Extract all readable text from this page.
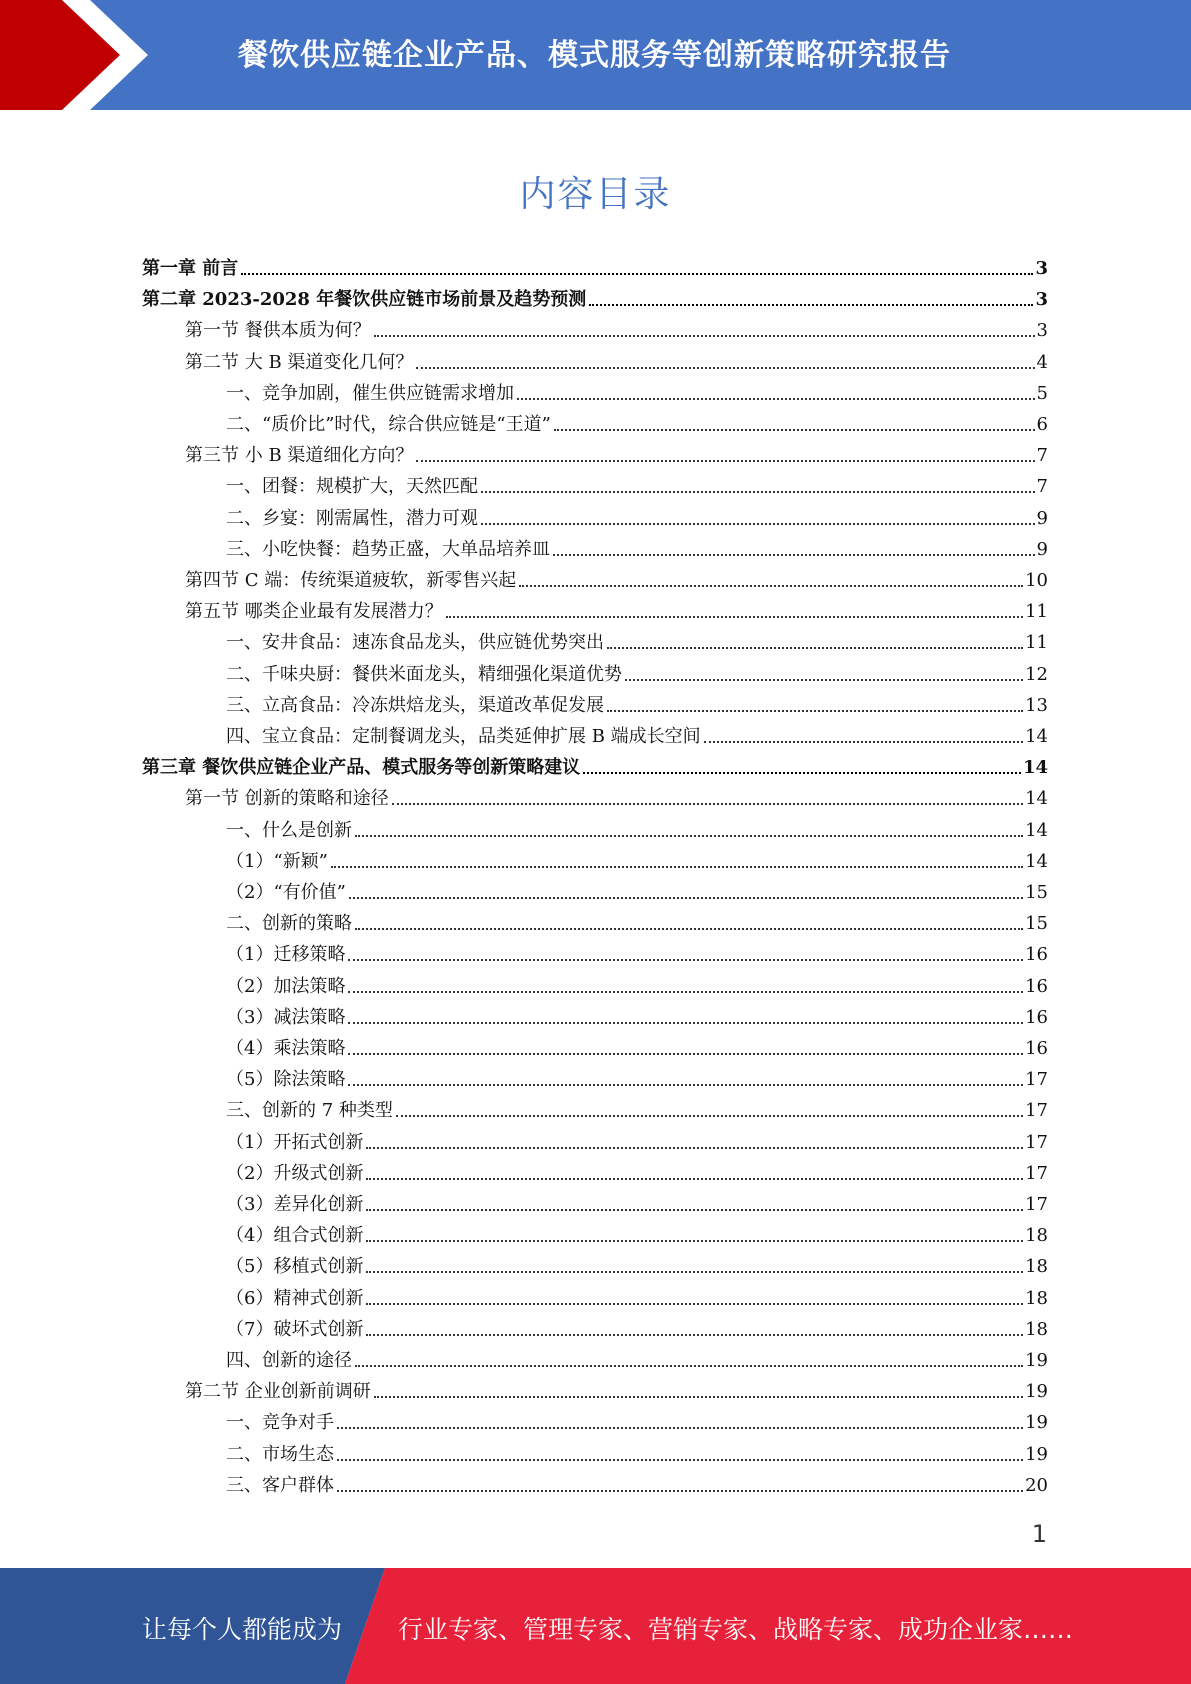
餐饮供应链企业产品、模式服务等创新策略研究报告
内容目录
第一章 前言	3
第二章 2023-2028 年餐饮供应链市场前景及趋势预测	3
第一节 餐供本质为何？	3
第二节 大 B 渠道变化几何？	4
一、竞争加剧，催生供应链需求增加	5
二、“质价比”时代，综合供应链是“王道”	6
第三节 小 B 渠道细化方向？	7
一、团餐：规模扩大，天然匹配	7
二、乡宴：刚需属性，潜力可观	9
三、小吃快餐：趋势正盛，大单品培养皿	9
第四节 C 端：传统渠道疲软，新零售兴起	10
第五节 哪类企业最有发展潜力？	11
一、安井食品：速冻食品龙头，供应链优势突出	11
二、千味央厨：餐供米面龙头，精细强化渠道优势	12
三、立高食品：冷冻烘焙龙头，渠道改革促发展	13
四、宝立食品：定制餐调龙头，品类延伸扩展 B 端成长空间	14
第三章 餐饮供应链企业产品、模式服务等创新策略建议	14
第一节 创新的策略和途径	14
一、什么是创新	14
（1）“新颖”	14
（2）“有价值”	15
二、创新的策略	15
（1）迁移策略	16
（2）加法策略	16
（3）减法策略	16
（4）乘法策略	16
（5）除法策略	17
三、创新的 7 种类型	17
（1）开拓式创新	17
（2）升级式创新	17
（3）差异化创新	17
（4）组合式创新	18
（5）移植式创新	18
（6）精神式创新	18
（7）破坏式创新	18
四、创新的途径	19
第二节 企业创新前调研	19
一、竞争对手	19
二、市场生态	19
三、客户群体	20
1
让每个人都能成为 行业专家、管理专家、营销专家、战略专家、成功企业家……
